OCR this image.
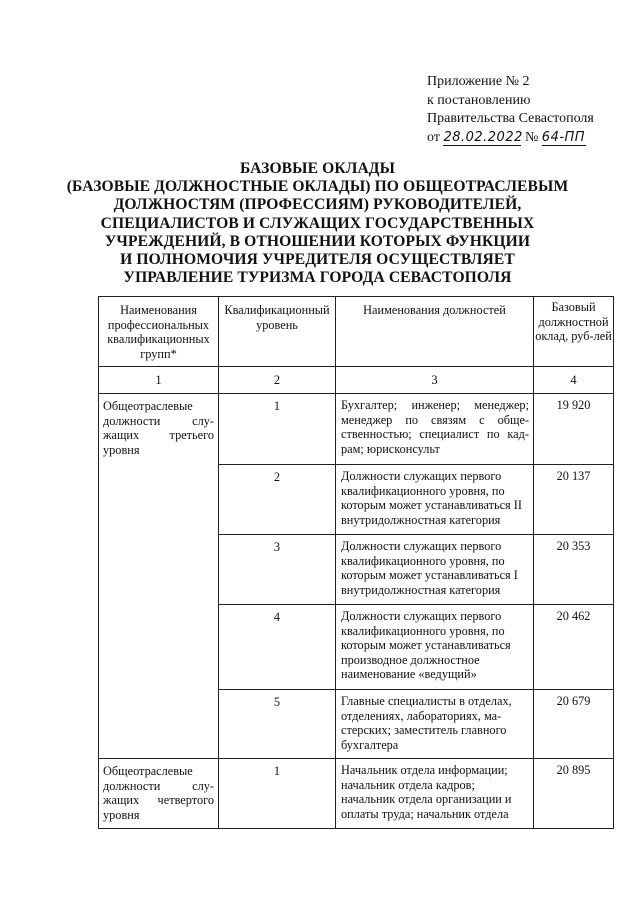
Приложение № 2
к постановлению
Правительства Севастополя
от 28.02.2022 № 64-ПП
БАЗОВЫЕ ОКЛАДЫ
(БАЗОВЫЕ ДОЛЖНОСТНЫЕ ОКЛАДЫ) ПО ОБЩЕОТРАСЛЕВЫМ
ДОЛЖНОСТЯМ (ПРОФЕССИЯМ) РУКОВОДИТЕЛЕЙ,
СПЕЦИАЛИСТОВ И СЛУЖАЩИХ ГОСУДАРСТВЕННЫХ
УЧРЕЖДЕНИЙ, В ОТНОШЕНИИ КОТОРЫХ ФУНКЦИИ
И ПОЛНОМОЧИЯ УЧРЕДИТЕЛЯ ОСУЩЕСТВЛЯЕТ
УПРАВЛЕНИЕ ТУРИЗМА ГОРОДА СЕВАСТОПОЛЯ
Наименования профессиональных квалификационных групп*	Квалификационный уровень	Наименования должностей	Базовый должностной оклад, руб-лей
1	2	3	4
Общеотраслевые должности слу-жащих третьего уровня	1	Бухгалтер; инженер; менеджер; менеджер по связям с обще-ственностью; специалист по кад-рам; юрисконсульт	19 920
	2	Должности служащих первого квалификационного уровня, по которым может устанавливаться II внутридолжностная категория	20 137
	3	Должности служащих первого квалификационного уровня, по которым может устанавливаться I внутридолжностная категория	20 353
	4	Должности служащих первого квалификационного уровня, по которым может устанавливаться производное должностное наименование «ведущий»	20 462
	5	Главные специалисты в отделах, отделениях, лабораториях, ма-стерских; заместитель главного бухгалтера	20 679
Общеотраслевые должности слу-жащих четвертого уровня	1	Начальник отдела информации; начальник отдела кадров; начальник отдела организации и оплаты труда; начальник отдела	20 895
